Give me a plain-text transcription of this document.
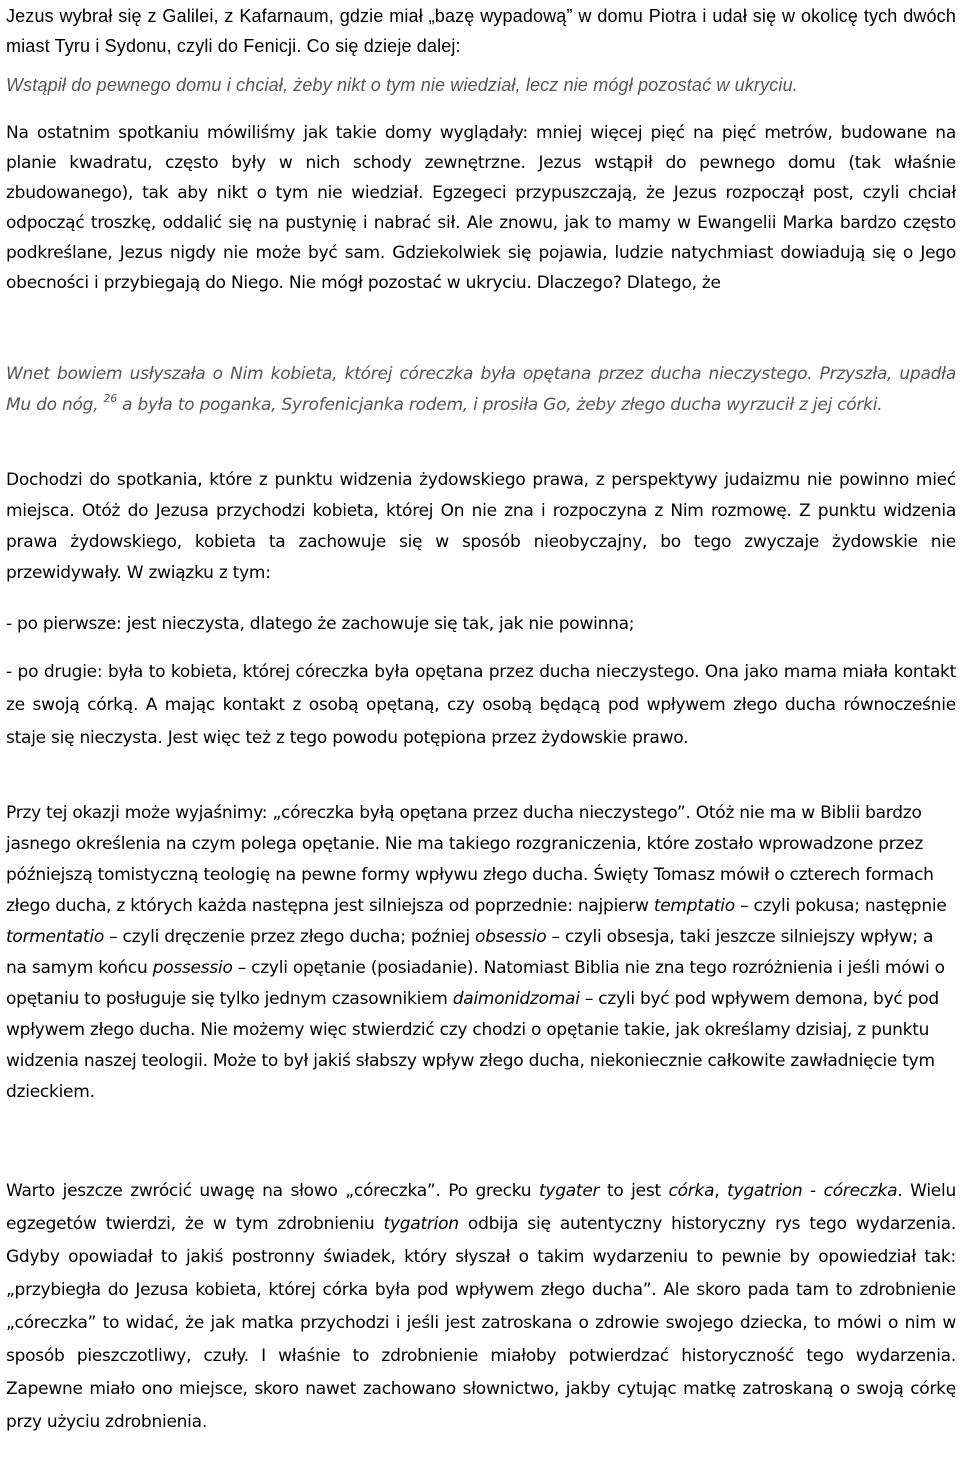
Jezus wybrał się z Galilei, z Kafarnaum, gdzie miał „bazę wypadową” w domu Piotra i udał się w okolicę tych dwóch miast Tyru i Sydonu, czyli do Fenicji. Co się dzieje dalej:

Wstąpił do pewnego domu i chciał, żeby nikt o tym nie wiedział, lecz nie mógł pozostać w ukryciu.

Na ostatnim spotkaniu mówiliśmy jak takie domy wyglądały: mniej więcej pięć na pięć metrów, budowane na planie kwadratu, często były w nich schody zewnętrzne. Jezus wstąpił do pewnego domu (tak właśnie zbudowanego), tak aby nikt o tym nie wiedział. Egzegeci przypuszczają, że Jezus rozpoczął post, czyli chciał odpocząć troszkę, oddalić się na pustynię i nabrać sił. Ale znowu, jak to mamy w Ewangelii Marka bardzo często podkreślane, Jezus nigdy nie może być sam. Gdziekolwiek się pojawia, ludzie natychmiast dowiadują się o Jego obecności i przybiegają do Niego. Nie mógł pozostać w ukryciu. Dlaczego? Dlatego, że

Wnet bowiem usłyszała o Nim kobieta, której córeczka była opętana przez ducha nieczystego. Przyszła, upadła Mu do nóg, $^{26}$ a była to poganka, Syrofenicjanka rodem, i prosiła Go, żeby złego ducha wyrzucił z jej córki.

Dochodzi do spotkania, które z punktu widzenia żydowskiego prawa, z perspektywy judaizmu nie powinno mieć miejsca. Otóż do Jezusa przychodzi kobieta, której On nie zna i rozpoczyna z Nim rozmowę. Z punktu widzenia prawa żydowskiego, kobieta ta zachowuje się w sposób nieobyczajny, bo tego zwyczaje żydowskie nie przewidywały. W związku z tym:

- po pierwsze: jest nieczysta, dlatego że zachowuje się tak, jak nie powinna;

- po drugie: była to kobieta, której córeczka była opętana przez ducha nieczystego. Ona jako mama miała kontakt ze swoją córką. A mając kontakt z osobą opętaną, czy osobą będącą pod wpływem złego ducha równocześnie staje się nieczysta. Jest więc też z tego powodu potępiona przez żydowskie prawo.

Przy tej okazji może wyjaśnimy: „córeczka byłą opętana przez ducha nieczystego”. Otóż nie ma w Biblii bardzo jasnego określenia na czym polega opętanie. Nie ma takiego rozgraniczenia, które zostało wprowadzone przez późniejszą tomistyczną teologię na pewne formy wpływu złego ducha. Święty Tomasz mówił o czterech formach złego ducha, z których każda następna jest silniejsza od poprzednie: najpierw temptatio – czyli pokusa; następnie tormentatio – czyli dręczenie przez złego ducha; poźniej obsessio – czyli obsesja, taki jeszcze silniejszy wpływ; a na samym końcu possessio – czyli opętanie (posiadanie). Natomiast Biblia nie zna tego rozróżnienia i jeśli mówi o opętaniu to posługuje się tylko jednym czasownikiem daimonidzomai – czyli być pod wpływem demona, być pod wpływem złego ducha. Nie możemy więc stwierdzić czy chodzi o opętanie takie, jak określamy dzisiaj, z punktu widzenia naszej teologii. Może to był jakiś słabszy wpływ złego ducha, niekoniecznie całkowite zawładnięcie tym dzieckiem.

Warto jeszcze zwrócić uwagę na słowo „córeczka”. Po grecku tygater to jest córka, tygatrion - córeczka. Wielu egzegetów twierdzi, że w tym zdrobnieniu tygatrion odbija się autentyczny historyczny rys tego wydarzenia. Gdyby opowiadał to jakiś postronny świadek, który słyszał o takim wydarzeniu to pewnie by opowiedział tak: „przybiegła do Jezusa kobieta, której córka była pod wpływem złego ducha”. Ale skoro pada tam to zdrobnienie „córeczka” to widać, że jak matka przychodzi i jeśli jest zatroskana o zdrowie swojego dziecka, to mówi o nim w sposób pieszczotliwy, czuły. I właśnie to zdrobnienie miałoby potwierdzać historyczność tego wydarzenia. Zapewne miało ono miejsce, skoro nawet zachowano słownictwo, jakby cytując matkę zatroskaną o swoją córkę przy użyciu zdrobnienia.
